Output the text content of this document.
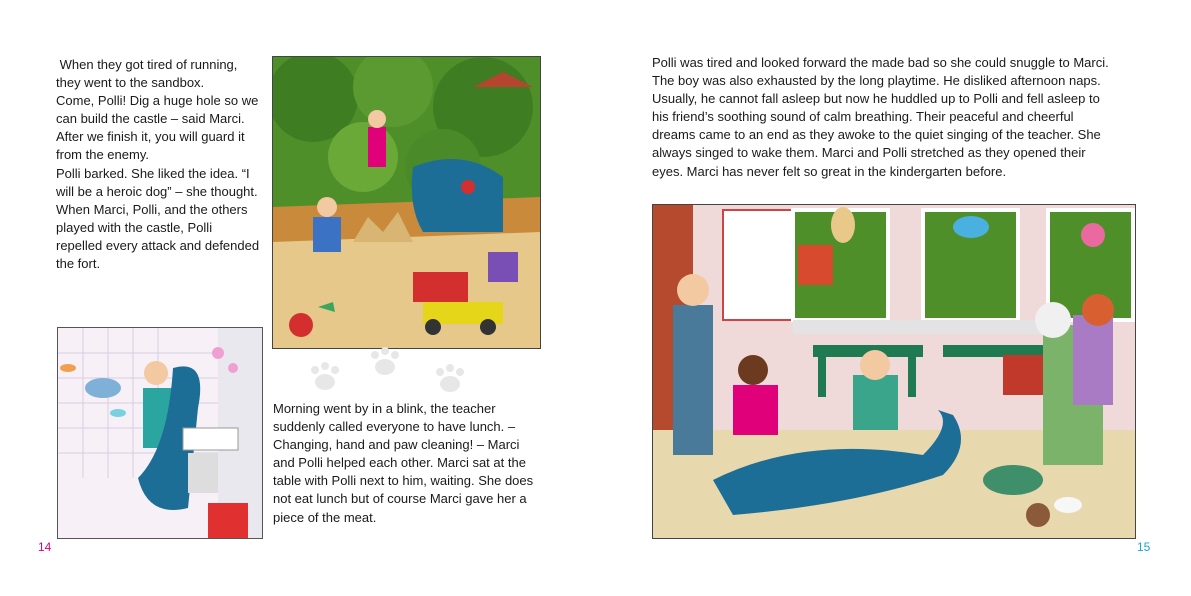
When they got tired of running, they went to the sandbox.

Come, Polli! Dig a huge hole so we can build the castle – said Marci.

After we finish it, you will guard it from the enemy.

Polli barked. She liked the idea. “I will be a heroic dog” – she thought.

When Marci, Polli, and the others played with the castle, Polli repelled every attack and defended the fort.

Morning went by in a blink, the teacher suddenly called everyone to have lunch. – Changing, hand and paw cleaning! – Marci and Polli helped each other. Marci sat at the table with Polli next to him, waiting. She does not eat lunch but of course Marci gave her a piece of the meat.

14

Polli was tired and looked forward the made bad so she could snuggle to Marci. The boy was also exhausted by the long playtime. He disliked afternoon naps. Usually, he cannot fall asleep but now he huddled up to Polli and fell asleep to his friend’s soothing sound of calm breathing. Their peaceful and cheerful dreams came to an end as they awoke to the quiet singing of the teacher. She always singed to wake them. Marci and Polli stretched as they opened their eyes. Marci has never felt so great in the kindergarten before.

15
